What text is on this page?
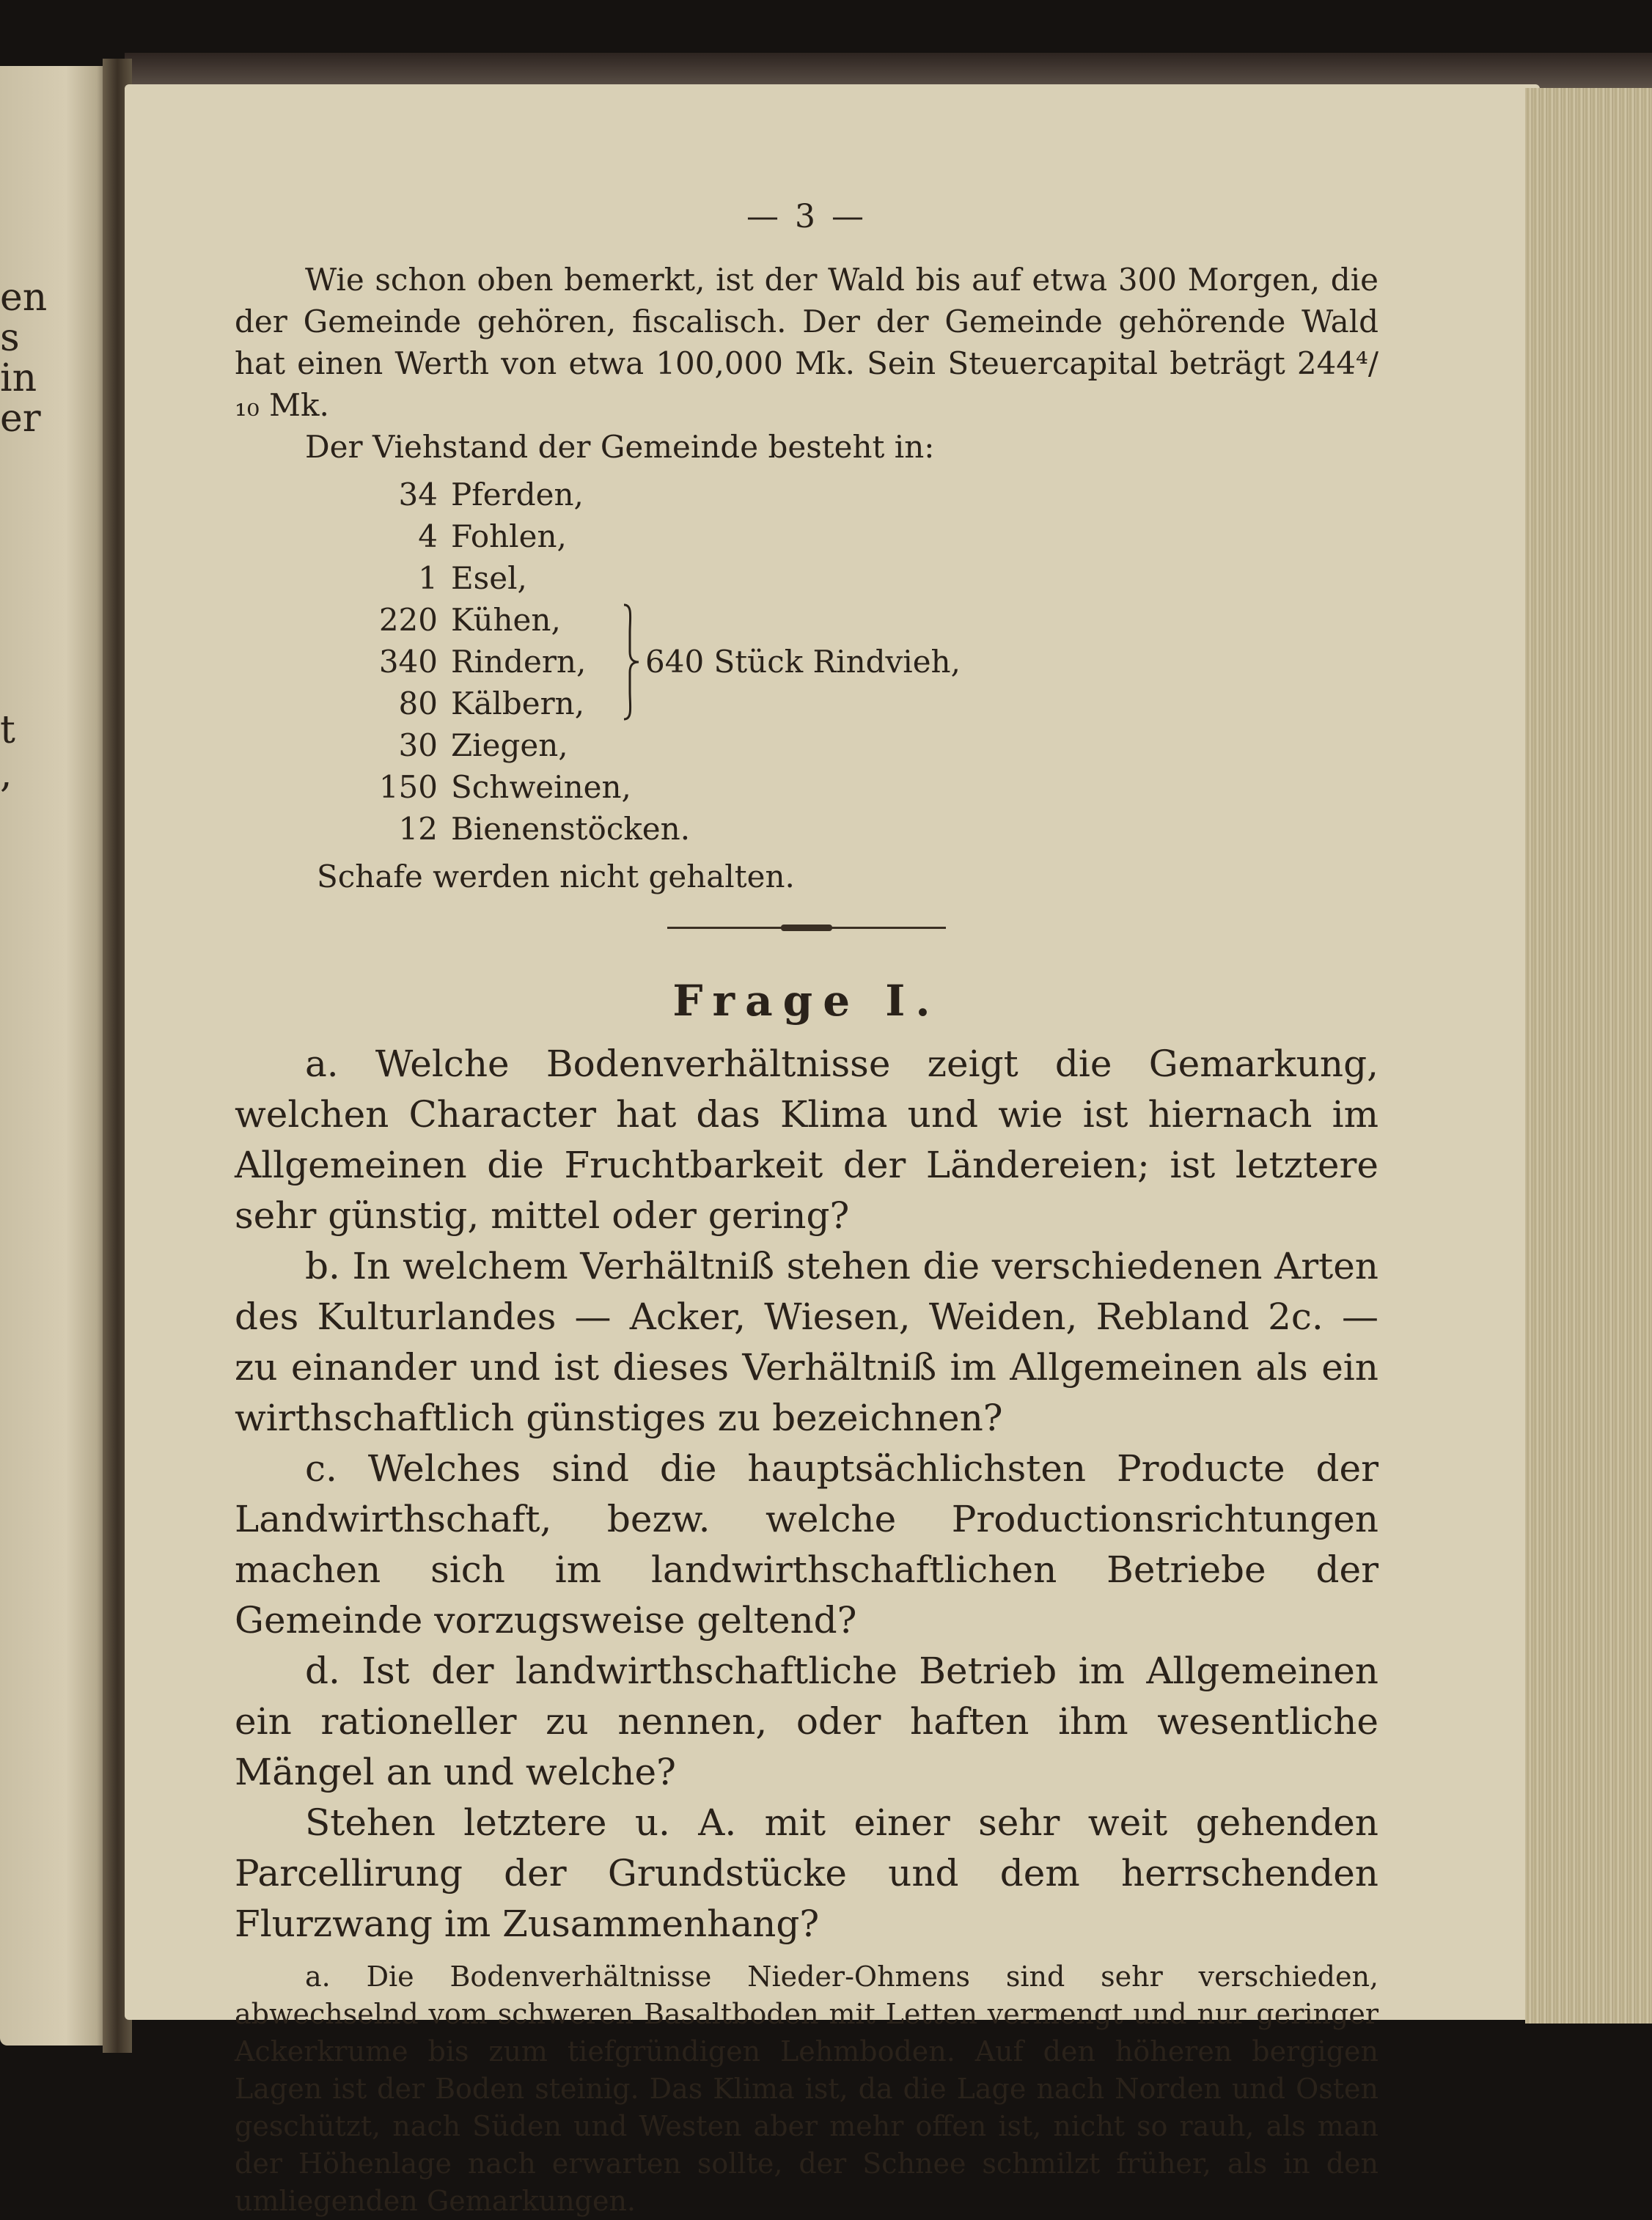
en
s
in
er
t
,
— 3 —

Wie schon oben bemerkt, ist der Wald bis auf etwa 300 Morgen, die der Gemeinde gehören, fiscalisch. Der der Gemeinde gehörende Wald hat einen Werth von etwa 100,000 Mk. Sein Steuercapital beträgt 244⁴/₁₀ Mk.

Der Viehstand der Gemeinde besteht in:

34 Pferden,
4 Fohlen,
1 Esel,
220 Kühen,
340 Rindern,
80 Kälbern,
640 Stück Rindvieh,
30 Ziegen,
150 Schweinen,
12 Bienenstöcken.

Schafe werden nicht gehalten.

Frage I.

a. Welche Bodenverhältnisse zeigt die Gemarkung, welchen Character hat das Klima und wie ist hiernach im Allgemeinen die Fruchtbarkeit der Ländereien; ist letztere sehr günstig, mittel oder gering?

b. In welchem Verhältniß stehen die verschiedenen Arten des Kulturlandes — Acker, Wiesen, Weiden, Rebland 2c. — zu einander und ist dieses Verhältniß im Allgemeinen als ein wirthschaftlich günstiges zu bezeichnen?

c. Welches sind die hauptsächlichsten Producte der Landwirthschaft, bezw. welche Productionsrichtungen machen sich im landwirthschaftlichen Betriebe der Gemeinde vorzugsweise geltend?

d. Ist der landwirthschaftliche Betrieb im Allgemeinen ein rationeller zu nennen, oder haften ihm wesentliche Mängel an und welche?

Stehen letztere u. A. mit einer sehr weit gehenden Parcellirung der Grundstücke und dem herrschenden Flurzwang im Zusammenhang?

a. Die Bodenverhältnisse Nieder-Ohmens sind sehr verschieden, abwechselnd vom schweren Basaltboden mit Letten vermengt und nur geringer Ackerkrume bis zum tiefgründigen Lehmboden. Auf den höheren bergigen Lagen ist der Boden steinig. Das Klima ist, da die Lage nach Norden und Osten geschützt, nach Süden und Westen aber mehr offen ist, nicht so rauh, als man der Höhenlage nach erwarten sollte, der Schnee schmilzt früher, als in den umliegenden Gemarkungen.
